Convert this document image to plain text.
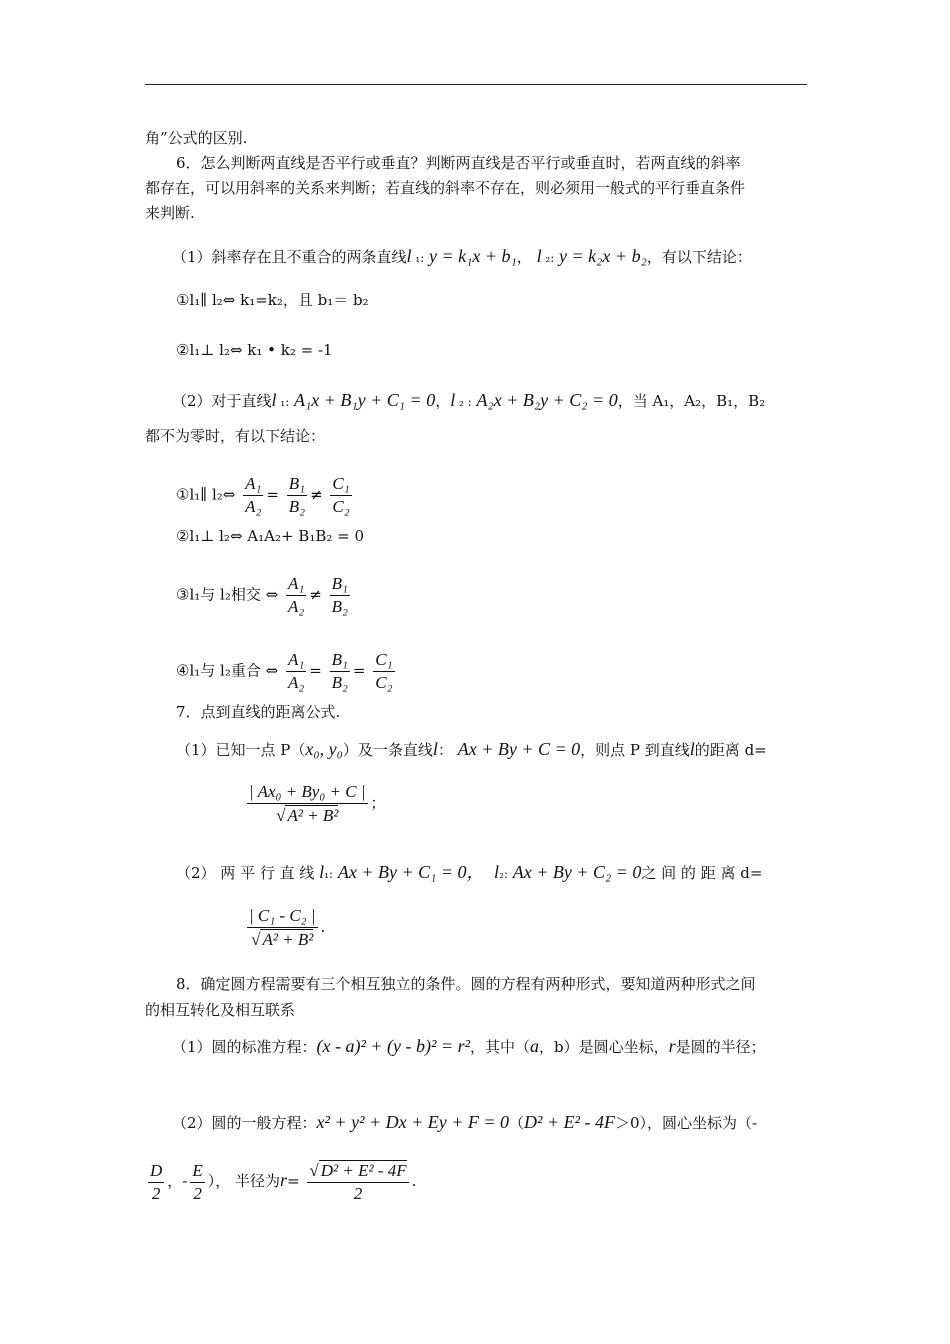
角”公式的区别.
6．怎么判断两直线是否平行或垂直？判断两直线是否平行或垂直时，若两直线的斜率
都存在，可以用斜率的关系来判断；若直线的斜率不存在，则必须用一般式的平行垂直条件
来判断.
（1）斜率存在且不重合的两条直线l ₁: y = k₁x + b₁， l ₂: y = k₂x + b₂，有以下结论：
①l₁∥ l₂⇔ k₁=k₂，且 b₁＝ b₂
②l₁⊥ l₂⇔ k₁ • k₂ = -1
（2）对于直线l ₁: A₁x + B₁y + C₁ = 0，l ₂ : A₂x + B₂y + C₂ = 0，当 A₁，A₂，B₁，B₂
都不为零时，有以下结论：
①l₁∥ l₂⇔ $\frac{\text{A₁}}{\text{A₂}} = \frac{\text{B₁}}{\text{B₂}} \ne \frac{\text{C₁}}{\text{C₂}}$
②l₁⊥ l₂⇔ A₁A₂+ B₁B₂ = 0
③l₁与 l₂相交 ⇔ $\frac{\text{A₁}}{\text{A₂}} \ne \frac{\text{B₁}}{\text{B₂}}$
④l₁与 l₂重合 ⇔ $\frac{\text{A₁}}{\text{A₂}} = \frac{\text{B₁}}{\text{B₂}} = \frac{\text{C₁}}{\text{C₂}}$
7．点到直线的距离公式.
（1）已知一点 P（x₀, y₀）及一条直线l： Ax + By + C = 0，则点 P 到直线l的距离 d=
$\frac{\text{| Ax₀ + By₀ + C |}}{\text{√ A² + B²}}$ ；
（2） 两 平 行 直 线 l₁: Ax + By + C₁ = 0， l₂: Ax + By + C₂ = 0之 间 的 距 离 d=
$\frac{\text{| C₁ - C₂ |}}{\text{√ A² + B²}}$ .
8．确定圆方程需要有三个相互独立的条件。圆的方程有两种形式，要知道两种形式之间
的相互转化及相互联系
（1）圆的标准方程：(x - a)² + (y - b)² = r²，其中（a，b）是圆心坐标，r是圆的半径；
（2）圆的一般方程：x² + y² + Dx + Ey + F = 0（D² + E² - 4F＞0），圆心坐标为（-
$\frac{D}{2}$ ，- $\frac{E}{2}$ ）， 半径为$r= \frac{\text{√ D² + E² - 4F}}{2}$ .
